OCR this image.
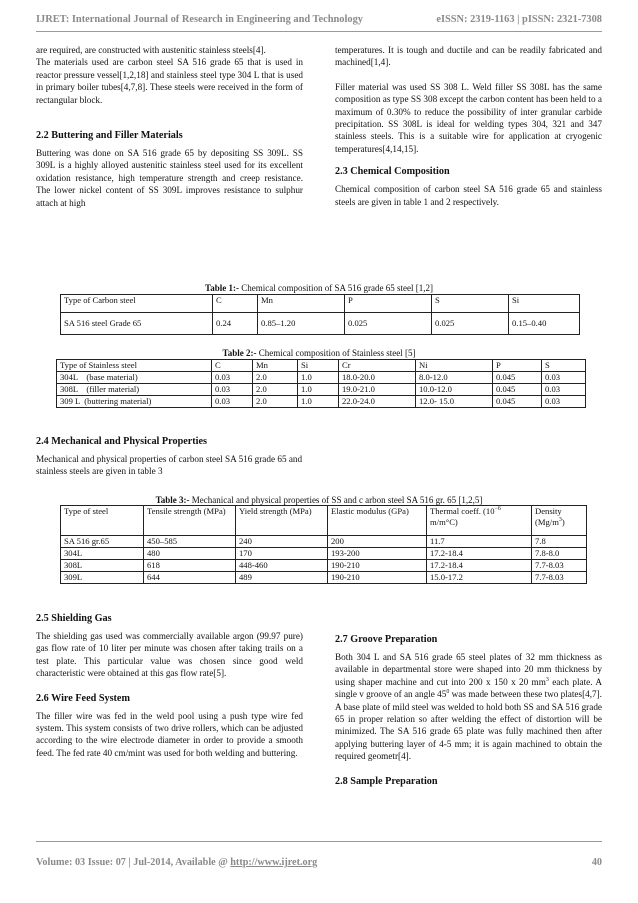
IJRET: International Journal of Research in Engineering and Technology	eISSN: 2319-1163 | pISSN: 2321-7308

are required, are constructed with austenitic stainless steels[4].

The materials used are carbon steel SA 516 grade 65 that is used in reactor pressure vessel[1,2,18] and stainless steel type 304 L that is used in primary boiler tubes[4,7,8]. These steels were received in the form of rectangular block.

2.2 Buttering and Filler Materials

Buttering was done on SA 516 grade 65 by depositing SS 309L. SS 309L is a highly alloyed austenitic stainless steel used for its excellent oxidation resistance, high temperature strength and creep resistance. The lower nickel content of SS 309L improves resistance to sulphur attach at high

temperatures. It is tough and ductile and can be readily fabricated and machined[1,4].

Filler material was used SS 308 L. Weld filler SS 308L has the same composition as type SS 308 except the carbon content has been held to a maximum of 0.30% to reduce the possibility of inter granular carbide precipitation. SS 308L is ideal for welding types 304, 321 and 347 stainless steels. This is a suitable wire for application at cryogenic temperatures[4,14,15].

2.3 Chemical Composition

Chemical composition of carbon steel SA 516 grade 65 and stainless steels are given in table 1 and 2 respectively.

Table 1:- Chemical composition of SA 516 grade 65 steel [1,2]
Type of Carbon steel	C	Mn	P	S	Si
SA 516 steel Grade 65	0.24	0.85–1.20	0.025	0.025	0.15–0.40
Table 2:- Chemical composition of Stainless steel [5]
Type of Stainless steel	C	Mn	Si	Cr	Ni	P	S
304L    (base material)	0.03	2.0	1.0	18.0-20.0	8.0-12.0	0.045	0.03
308L    (filler material)	0.03	2.0	1.0	19.0-21.0	10.0-12.0	0.045	0.03
309 L  (buttering material)	0.03	2.0	1.0	22.0-24.0	12.0- 15.0	0.045	0.03
2.4 Mechanical and Physical Properties

Mechanical and physical properties of carbon steel SA 516 grade 65 and stainless steels are given in table 3

Table 3:- Mechanical and physical properties of SS and c arbon steel SA 516 gr. 65 [1,2,5]
Type of steel	Tensile strength (MPa)	Yield strength (MPa)	Elastic modulus (GPa)	Thermal coeff. ($10^{-6}$ m/m°C)	Density
$(Mg/m^3)$
SA 516 gr.65	450–585	240	200	11.7	7.8
304L	480	170	193-200	17.2-18.4	7.8-8.0
308L	618	448-460	190-210	17.2-18.4	7.7-8.03
309L	644	489	190-210	15.0-17.2	7.7-8.03
2.5 Shielding Gas

The shielding gas used was commercially available argon (99.97 pure) gas flow rate of 10 liter per minute was chosen after taking trails on a test plate. This particular value was chosen since good weld characteristic were obtained at this gas flow rate[5].

2.6 Wire Feed System

The filler wire was fed in the weld pool using a push type wire fed system. This system consists of two drive rollers, which can be adjusted according to the wire electrode diameter in order to provide a smooth feed. The fed rate 40 cm/mint was used for both welding and buttering.

2.7 Groove Preparation

Both 304 L and SA 516 grade 65 steel plates of 32 mm thickness as available in departmental store were shaped into 20 mm thickness by using shaper machine and cut into 200 x 150 x 20 $mm^3$ each plate. A single v groove of an angle $45^0$ was made between these two plates[4,7]. A base plate of mild steel was welded to hold both SS and SA 516 grade 65 in proper relation so after welding the effect of distortion will be minimized. The SA 516 grade 65 plate was fully machined then after applying buttering layer of 4-5 mm; it is again machined to obtain the required geometr[4].

2.8 Sample Preparation
Volume: 03 Issue: 07 | Jul-2014, Available @ http://www.ijret.org	40
